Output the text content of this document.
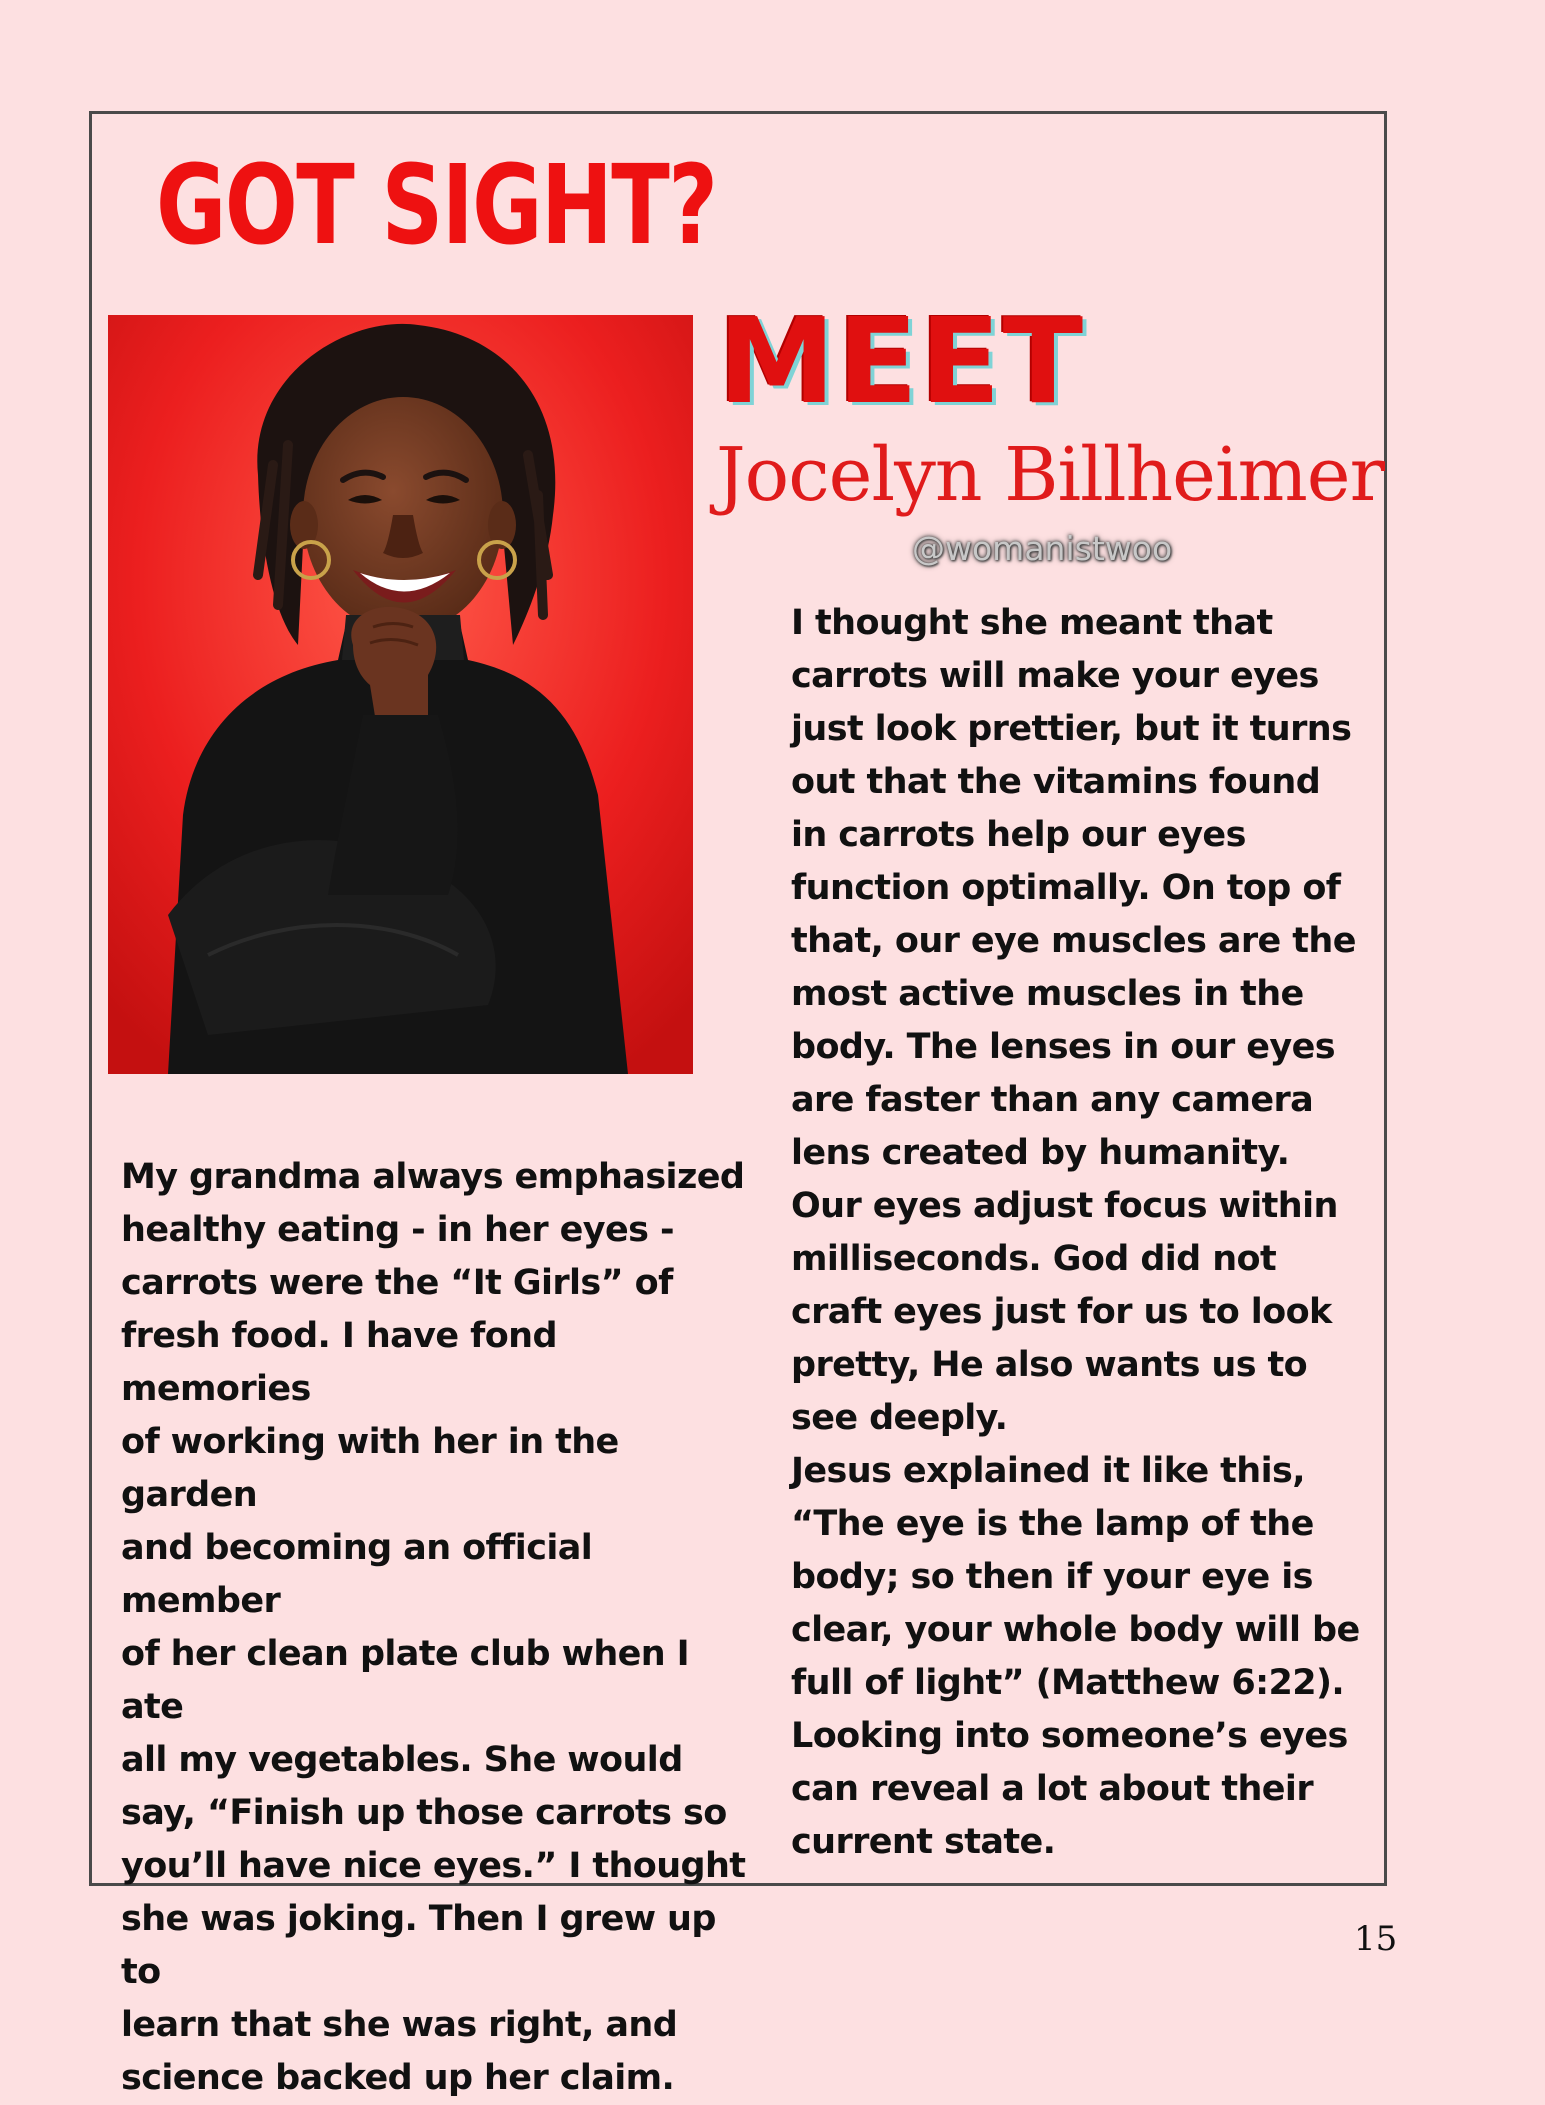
GOT SIGHT?
MEET
Jocelyn Billheimer

@womanistwoo

I thought she meant that
carrots will make your eyes
just look prettier, but it turns
out that the vitamins found
in carrots help our eyes
function optimally. On top of
that, our eye muscles are the
most active muscles in the
body. The lenses in our eyes
are faster than any camera
lens created by humanity.
Our eyes adjust focus within
milliseconds. God did not
craft eyes just for us to look
pretty, He also wants us to
see deeply.
Jesus explained it like this,
“The eye is the lamp of the
body; so then if your eye is
clear, your whole body will be
full of light” (Matthew 6:22).
Looking into someone’s eyes
can reveal a lot about their
current state.

My grandma always emphasized
healthy eating - in her eyes -
carrots were the “It Girls” of
fresh food. I have fond memories
of working with her in the garden
and becoming an official member
of her clean plate club when I ate
all my vegetables. She would
say, “Finish up those carrots so
you’ll have nice eyes.” I thought
she was joking. Then I grew up to
learn that she was right, and
science backed up her claim.

15
